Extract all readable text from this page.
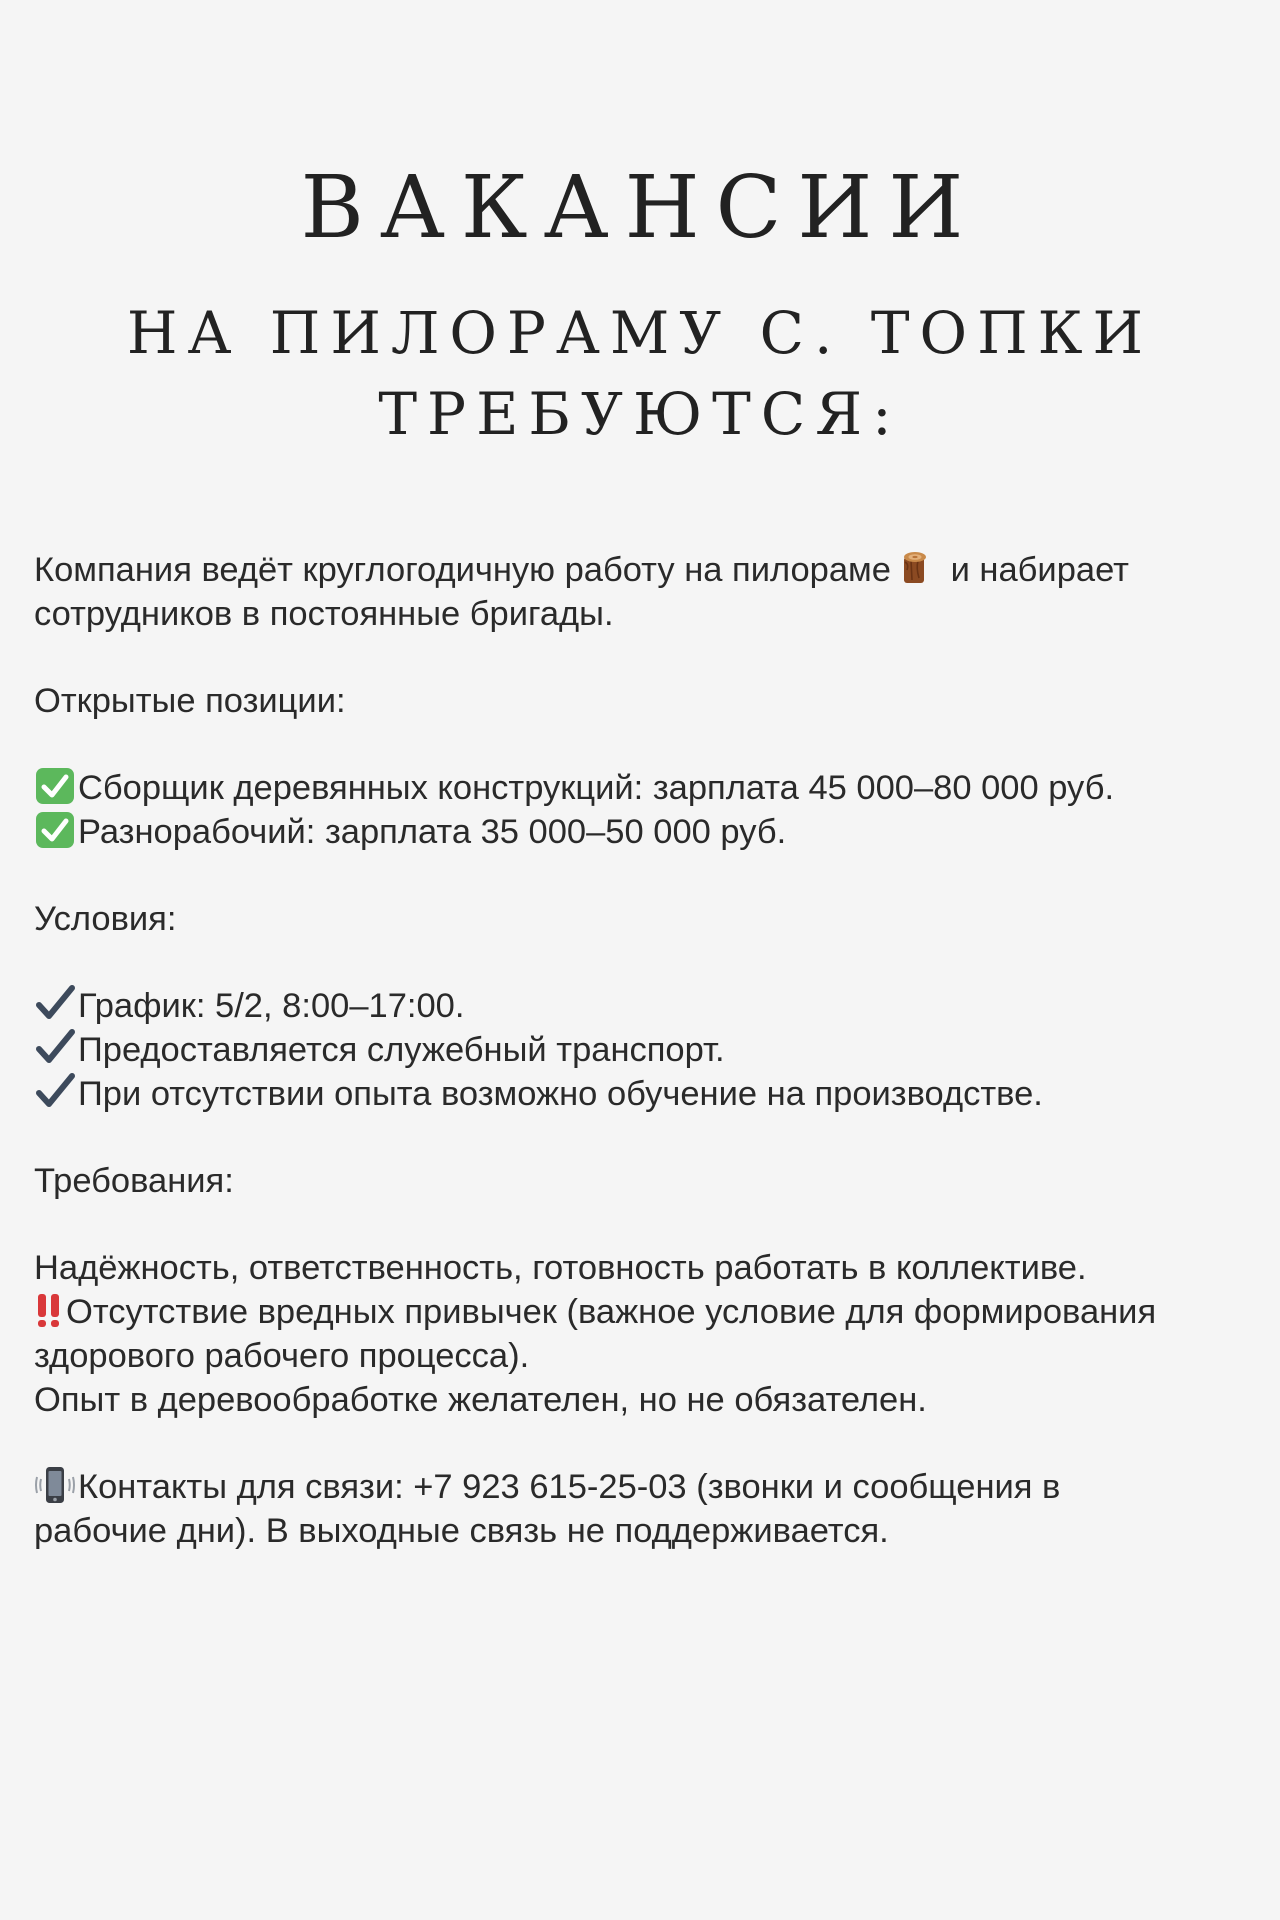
ВАКАНСИИ
НА ПИЛОРАМУ С. ТОПКИ
ТРЕБУЮТСЯ:
Компания ведёт круглогодичную работу на пилораме и набирает
сотрудников в постоянные бригады.
Открытые позиции:
Сборщик деревянных конструкций: зарплата 45 000–80 000 руб.
Разнорабочий: зарплата 35 000–50 000 руб.
Условия:
График: 5/2, 8:00–17:00.
Предоставляется служебный транспорт.
При отсутствии опыта возможно обучение на производстве.
Требования:
Надёжность, ответственность, готовность работать в коллективе.
Отсутствие вредных привычек (важное условие для формирования
здорового рабочего процесса).
Опыт в деревообработке желателен, но не обязателен.
Контакты для связи: +7 923 615-25-03 (звонки и сообщения в
рабочие дни). В выходные связь не поддерживается.
